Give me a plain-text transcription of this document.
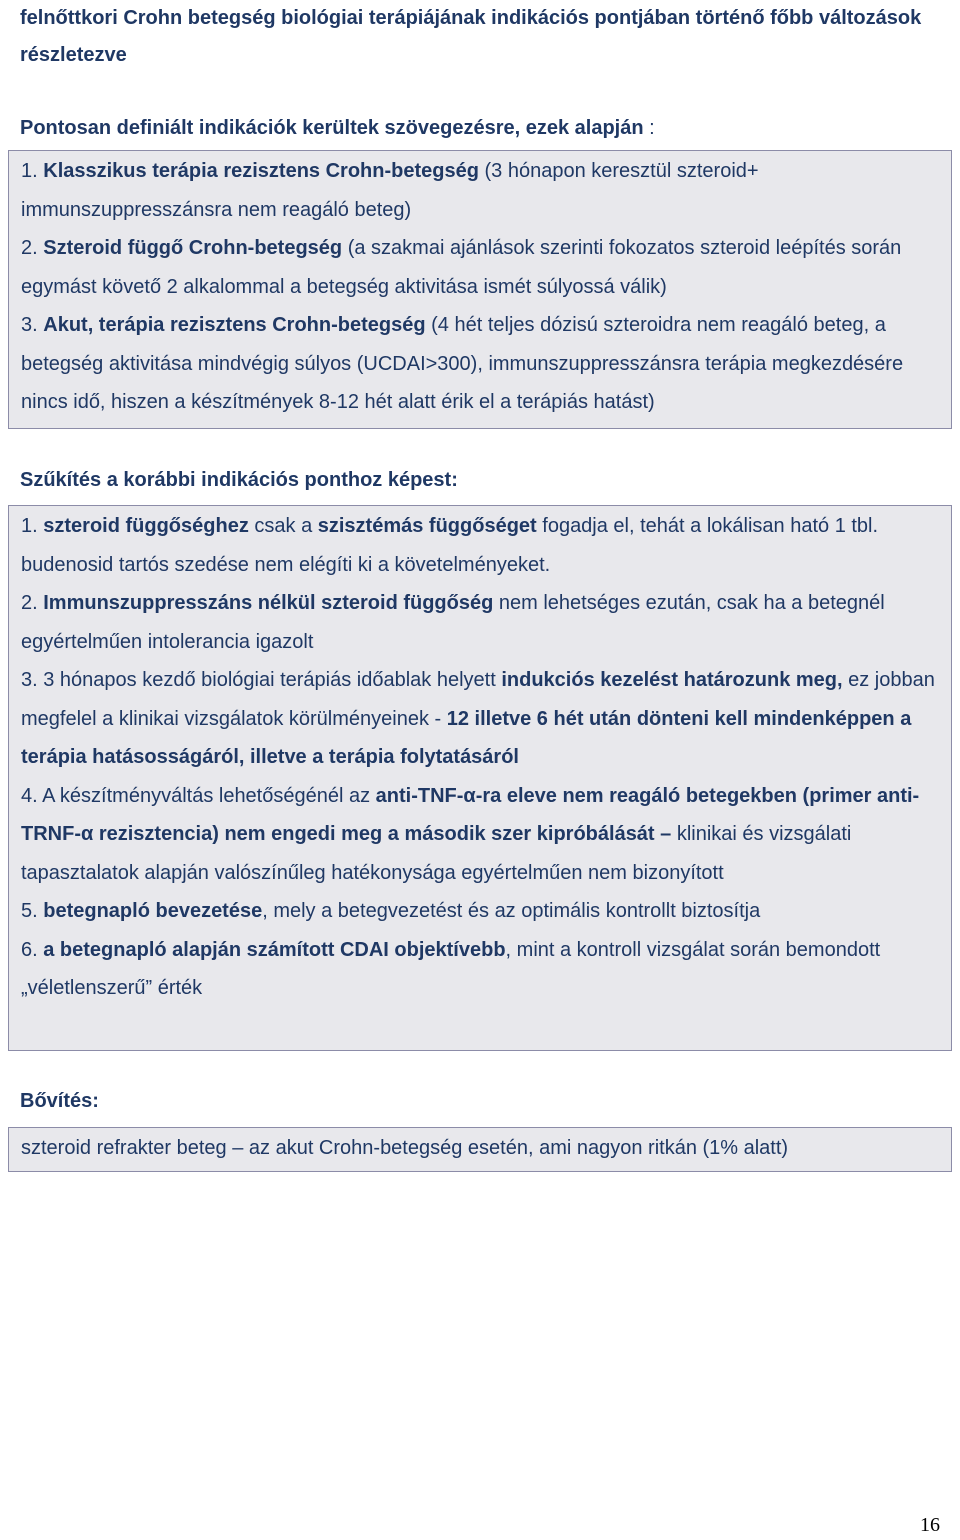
felnőttkori Crohn betegség biológiai terápiájának indikációs pontjában történő főbb változások részletezve
Pontosan definiált indikációk kerültek szövegezésre, ezek alapján :

1. Klasszikus terápia rezisztens Crohn-betegség (3 hónapon keresztül szteroid+ immunszuppresszánsra nem reagáló beteg)

2. Szteroid függő Crohn-betegség (a szakmai ajánlások szerinti fokozatos szteroid leépítés során egymást követő 2 alkalommal a betegség aktivitása ismét súlyossá válik)

3. Akut, terápia rezisztens Crohn-betegség (4 hét teljes dózisú szteroidra nem reagáló beteg, a betegség aktivitása mindvégig súlyos (UCDAI>300), immunszuppresszánsra terápia megkezdésére nincs idő, hiszen a készítmények 8-12 hét alatt érik el a terápiás hatást)

Szűkítés a korábbi indikációs ponthoz képest:

1. szteroid függőséghez csak a szisztémás függőséget fogadja el, tehát a lokálisan ható 1 tbl. budenosid tartós szedése nem elégíti ki a követelményeket.

2. Immunszuppresszáns nélkül szteroid függőség nem lehetséges ezután, csak ha a betegnél egyértelműen intolerancia igazolt

3. 3 hónapos kezdő biológiai terápiás időablak helyett indukciós kezelést határozunk meg, ez jobban megfelel a klinikai vizsgálatok körülményeinek - 12 illetve 6 hét után dönteni kell mindenképpen a terápia hatásosságáról, illetve a terápia folytatásáról

4. A készítményváltás lehetőségénél az anti-TNF-α-ra eleve nem reagáló betegekben (primer anti-TRNF-α rezisztencia) nem engedi meg a második szer kipróbálását – klinikai és vizsgálati tapasztalatok alapján valószínűleg hatékonysága egyértelműen nem bizonyított

5. betegnapló bevezetése, mely a betegvezetést és az optimális kontrollt biztosítja

6. a betegnapló alapján számított CDAI objektívebb, mint a kontroll vizsgálat során bemondott „véletlenszerű” érték

Bővítés:

szteroid refrakter beteg – az akut Crohn-betegség esetén, ami nagyon ritkán (1% alatt)

16
